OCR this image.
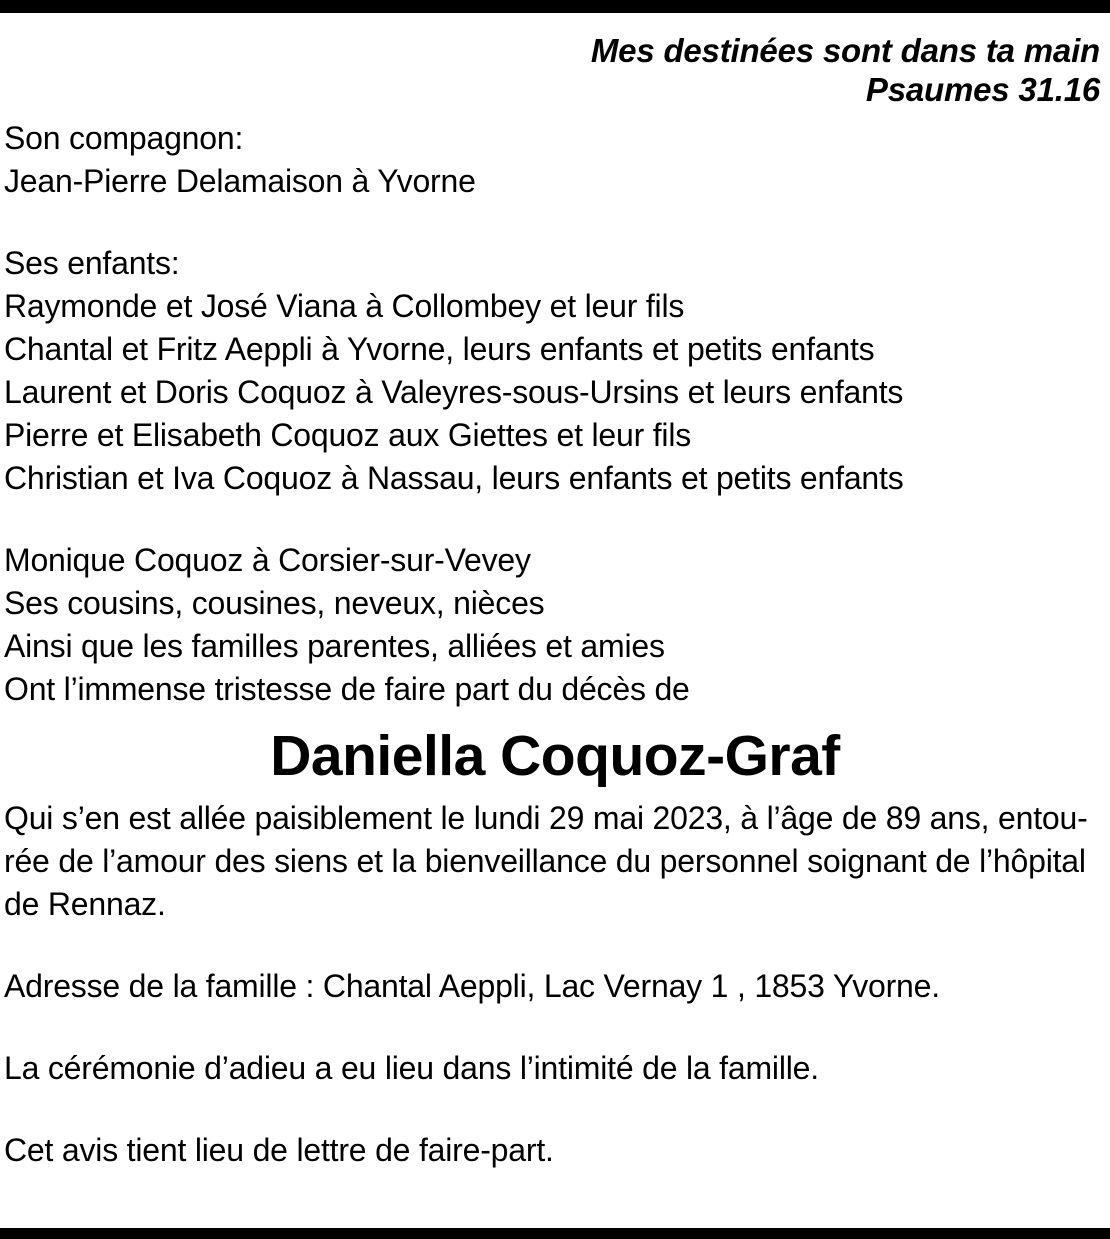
Mes destinées sont dans ta main
Psaumes 31.16
Son compagnon:
Jean-Pierre Delamaison à Yvorne
Ses enfants:
Raymonde et José Viana à Collombey et leur fils
Chantal et Fritz Aeppli à Yvorne, leurs enfants et petits enfants
Laurent et Doris Coquoz à Valeyres-sous-Ursins et leurs enfants
Pierre et Elisabeth Coquoz aux Giettes et leur fils
Christian et Iva Coquoz à Nassau, leurs enfants et petits enfants
Monique Coquoz à Corsier-sur-Vevey
Ses cousins, cousines, neveux, nièces
Ainsi que les familles parentes, alliées et amies
Ont l’immense tristesse de faire part du décès de
Daniella Coquoz-Graf
Qui s’en est allée paisiblement le lundi 29 mai 2023, à l’âge de 89 ans, entou-
rée de l’amour des siens et la bienveillance du personnel soignant de l’hôpital
de Rennaz.
Adresse de la famille : Chantal Aeppli, Lac Vernay 1 , 1853 Yvorne.
La cérémonie d’adieu a eu lieu dans l’intimité de la famille.
Cet avis tient lieu de lettre de faire-part.
